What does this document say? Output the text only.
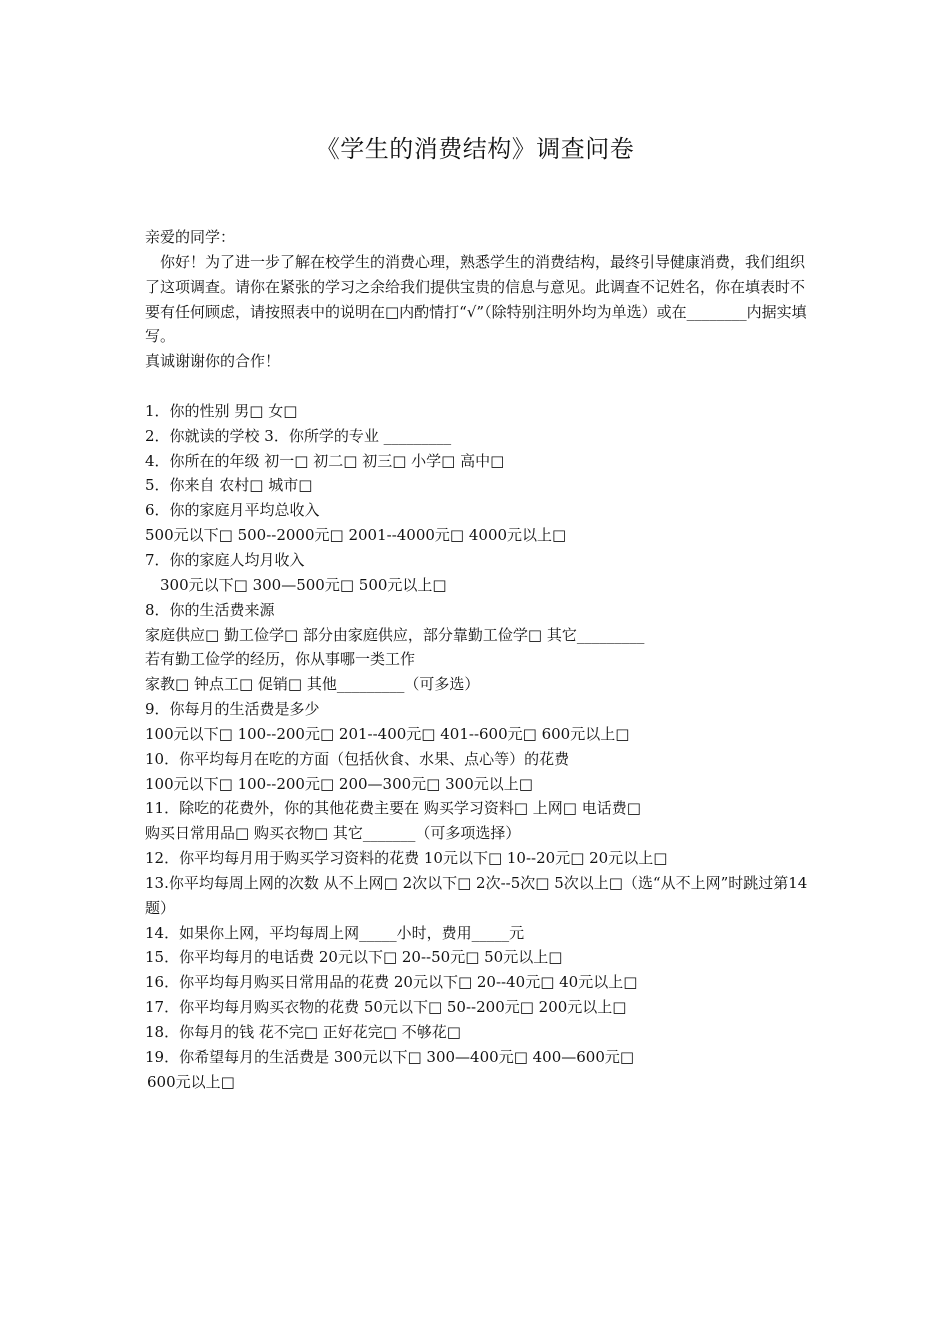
《学生的消费结构》调查问卷
亲爱的同学：
你好！为了进一步了解在校学生的消费心理，熟悉学生的消费结构，最终引导健康消费，我们组织了这项调查。请你在紧张的学习之余给我们提供宝贵的信息与意见。此调查不记姓名，你在填表时不要有任何顾虑，请按照表中的说明在□内酌情打“√”（除特别注明外均为单选）或在________内据实填写。
真诚谢谢你的合作！
1．你的性别 男□ 女□
2．你就读的学校 3．你所学的专业 _________
4．你所在的年级 初一□ 初二□ 初三□ 小学□ 高中□
5．你来自 农村□ 城市□
6．你的家庭月平均总收入
500元以下□ 500--2000元□ 2001--4000元□ 4000元以上□
7．你的家庭人均月收入
300元以下□ 300—500元□ 500元以上□
8．你的生活费来源
家庭供应□ 勤工俭学□ 部分由家庭供应，部分靠勤工俭学□ 其它_________
若有勤工俭学的经历，你从事哪一类工作
家教□ 钟点工□ 促销□ 其他_________（可多选）
9．你每月的生活费是多少
100元以下□ 100--200元□ 201--400元□ 401--600元□ 600元以上□
10．你平均每月在吃的方面（包括伙食、水果、点心等）的花费
100元以下□ 100--200元□ 200—300元□ 300元以上□
11．除吃的花费外，你的其他花费主要在 购买学习资料□ 上网□ 电话费□
购买日常用品□ 购买衣物□ 其它_______（可多项选择）
12．你平均每月用于购买学习资料的花费 10元以下□ 10--20元□ 20元以上□
13.你平均每周上网的次数 从不上网□ 2次以下□ 2次--5次□ 5次以上□（选“从不上网”时跳过第14题）
14．如果你上网，平均每周上网_____小时，费用_____元
15．你平均每月的电话费 20元以下□ 20--50元□ 50元以上□
16．你平均每月购买日常用品的花费 20元以下□ 20--40元□ 40元以上□
17．你平均每月购买衣物的花费 50元以下□ 50--200元□ 200元以上□
18．你每月的钱 花不完□ 正好花完□ 不够花□
19．你希望每月的生活费是 300元以下□ 300—400元□ 400—600元□
600元以上□
